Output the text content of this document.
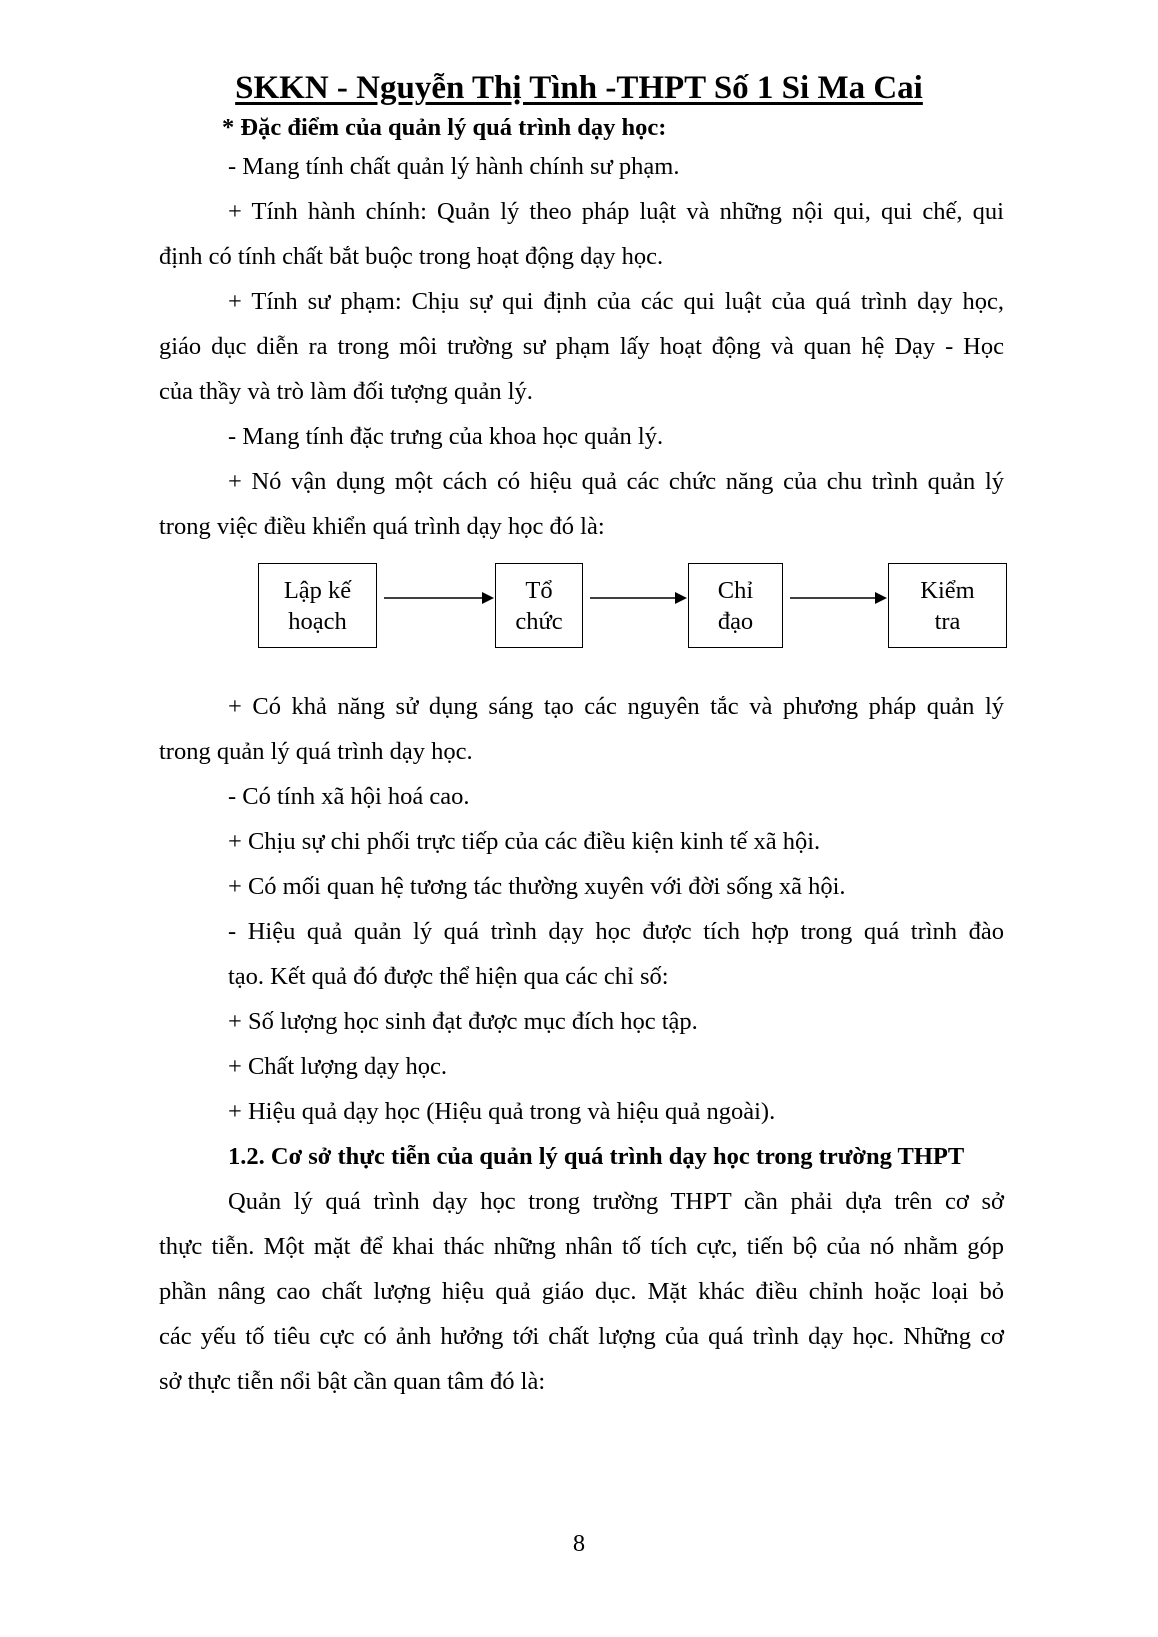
SKKN - Nguyễn Thị Tình -THPT Số 1 Si Ma Cai
* Đặc điểm của quản lý quá trình dạy học:
- Mang tính chất quản lý hành chính sư phạm.
+ Tính hành chính: Quản lý theo pháp luật và những nội qui, qui chế, qui
định có tính chất bắt buộc trong hoạt động dạy học.
+ Tính sư phạm: Chịu sự qui định của các qui luật của quá trình dạy học,
giáo dục diễn ra trong môi trường sư phạm lấy hoạt động và quan hệ Dạy - Học
của thầy và trò làm đối tượng quản lý.
- Mang tính đặc trưng của khoa học quản lý.
+ Nó vận dụng một cách có hiệu quả các chức năng của chu trình quản lý
trong việc điều khiển quá trình dạy học đó là:
Lập kế
hoạch
Tổ
chức
Chỉ
đạo
Kiểm
tra
+ Có khả năng sử dụng sáng tạo các nguyên tắc và phương pháp quản lý
trong quản lý quá trình dạy học.
- Có tính xã hội hoá cao.
+ Chịu sự chi phối trực tiếp của các điều kiện kinh tế xã hội.
+ Có mối quan hệ tương tác thường xuyên với đời sống xã hội.
- Hiệu quả quản lý quá trình dạy học được tích hợp trong quá trình đào
tạo. Kết quả đó được thể hiện qua các chỉ số:
+ Số lượng học sinh đạt được mục đích học tập.
+ Chất lượng dạy học.
+ Hiệu quả dạy học (Hiệu quả trong và hiệu quả ngoài).
1.2. Cơ sở thực tiễn của quản lý quá trình dạy học trong trường THPT
Quản lý quá trình dạy học trong trường THPT cần phải dựa trên cơ sở
thực tiễn. Một mặt để khai thác những nhân tố tích cực, tiến bộ của nó nhằm góp
phần nâng cao chất lượng hiệu quả giáo dục. Mặt khác điều chỉnh hoặc loại bỏ
các yếu tố tiêu cực có ảnh hưởng tới chất lượng của quá trình dạy học. Những cơ
sở thực tiễn nổi bật cần quan tâm đó là:
8
